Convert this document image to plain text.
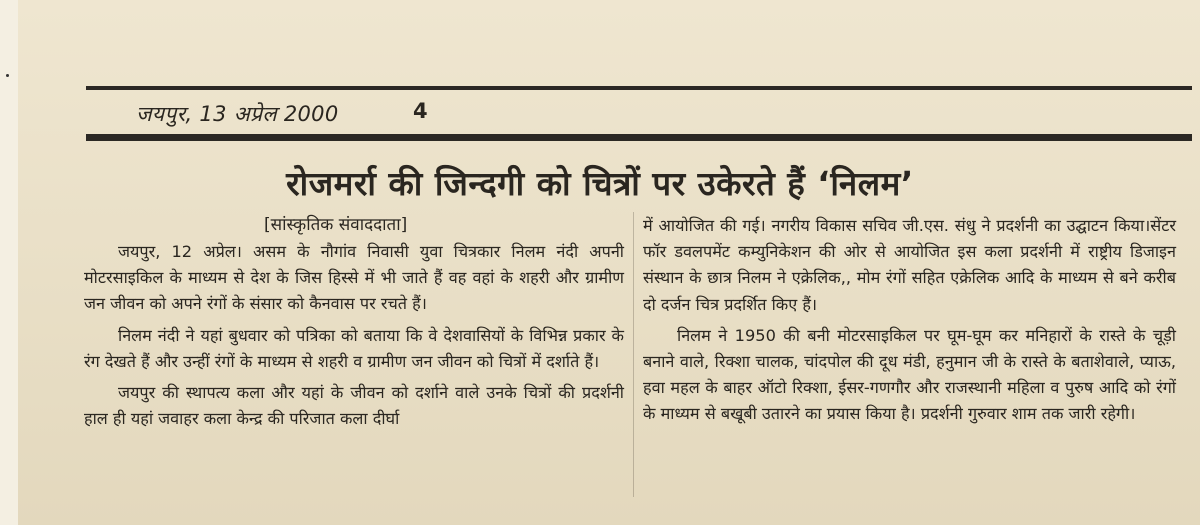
जयपुर, 13 अप्रेल 2000	4
रोजमर्रा की जिन्दगी को चित्रों पर उकेरते हैं ‘निलम’
[सांस्कृतिक संवाददाता]

जयपुर, 12 अप्रेल। असम के नौगांव निवासी युवा चित्रकार निलम नंदी अपनी मोटरसाइकिल के माध्यम से देश के जिस हिस्से में भी जाते हैं वह वहां के शहरी और ग्रामीण जन जीवन को अपने रंगों के संसार को कैनवास पर रचते हैं।

निलम नंदी ने यहां बुधवार को पत्रिका को बताया कि वे देशवासियों के विभिन्न प्रकार के रंग देखते हैं और उन्हीं रंगों के माध्यम से शहरी व ग्रामीण जन जीवन को चित्रों में दर्शाते हैं।

जयपुर की स्थापत्य कला और यहां के जीवन को दर्शाने वाले उनके चित्रों की प्रदर्शनी हाल ही यहां जवाहर कला केन्द्र की परिजात कला दीर्घा

में आयोजित की गई। नगरीय विकास सचिव जी.एस. संधु ने प्रदर्शनी का उद्घाटन किया।सेंटर फॉर डवलपमेंट कम्युनिकेशन की ओर से आयोजित इस कला प्रदर्शनी में राष्ट्रीय डिजाइन संस्थान के छात्र निलम ने एक्रेलिक,, मोम रंगों सहित एक्रेलिक आदि के माध्यम से बने करीब दो दर्जन चित्र प्रदर्शित किए हैं।

निलम ने 1950 की बनी मोटरसाइकिल पर घूम-घूम कर मनिहारों के रास्ते के चूड़ी बनाने वाले, रिक्शा चालक, चांदपोल की दूध मंडी, हनुमान जी के रास्ते के बताशेवाले, प्याऊ, हवा महल के बाहर ऑटो रिक्शा, ईसर-गणगौर और राजस्थानी महिला व पुरुष आदि को रंगों के माध्यम से बखूबी उतारने का प्रयास किया है। प्रदर्शनी गुरुवार शाम तक जारी रहेगी।
